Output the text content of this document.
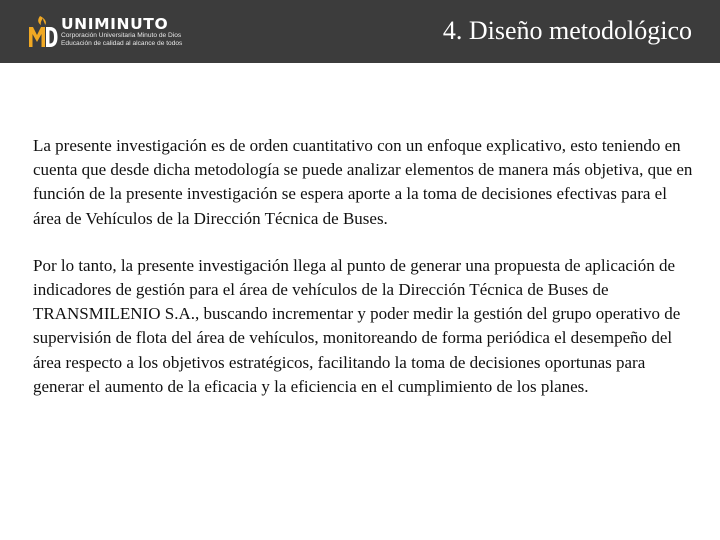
UNIMINUTO
Corporación Universitaria Minuto de Dios
Educación de calidad al alcance de todos	4. Diseño metodológico

La presente investigación es de orden cuantitativo con un enfoque explicativo, esto teniendo en cuenta que desde dicha metodología se puede analizar elementos de manera más objetiva, que en función de la presente investigación se espera aporte a la toma de decisiones efectivas para el área de Vehículos de la Dirección Técnica de Buses.

Por lo tanto, la presente investigación llega al punto de generar una propuesta de aplicación de indicadores de gestión para el área de vehículos de la Dirección Técnica de Buses de TRANSMILENIO S.A., buscando incrementar y poder medir la gestión del grupo operativo de supervisión de flota del área de vehículos, monitoreando de forma periódica el desempeño del área respecto a los objetivos estratégicos, facilitando la toma de decisiones oportunas para generar el aumento de la eficacia y la eficiencia en el cumplimiento de los planes.
